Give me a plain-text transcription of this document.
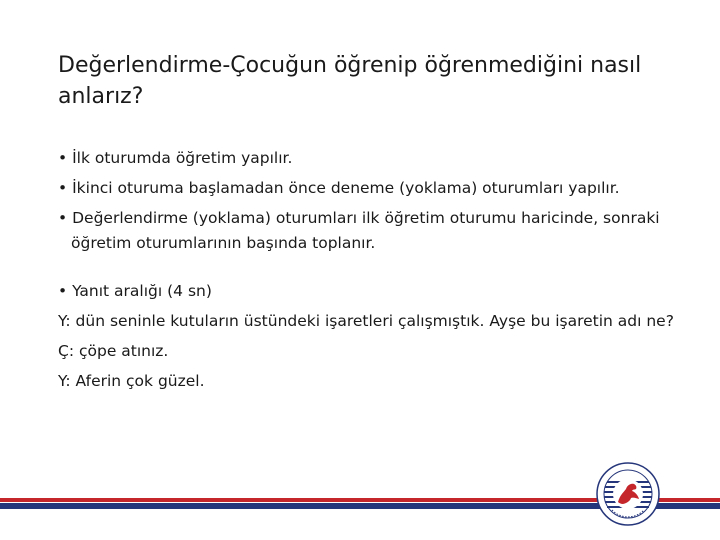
Değerlendirme-Çocuğun öğrenip öğrenmediğini nasıl anlarız?

• İlk oturumda öğretim yapılır.

• İkinci oturuma başlamadan önce deneme (yoklama) oturumları yapılır.

• Değerlendirme (yoklama) oturumları ilk öğretim oturumu haricinde, sonraki öğretim oturumlarının başında toplanır.

• Yanıt aralığı (4 sn)

Y: dün seninle kutuların üstündeki işaretleri çalışmıştık. Ayşe bu işaretin adı ne?

Ç: çöpe atınız.

Y: Aferin çok güzel.
